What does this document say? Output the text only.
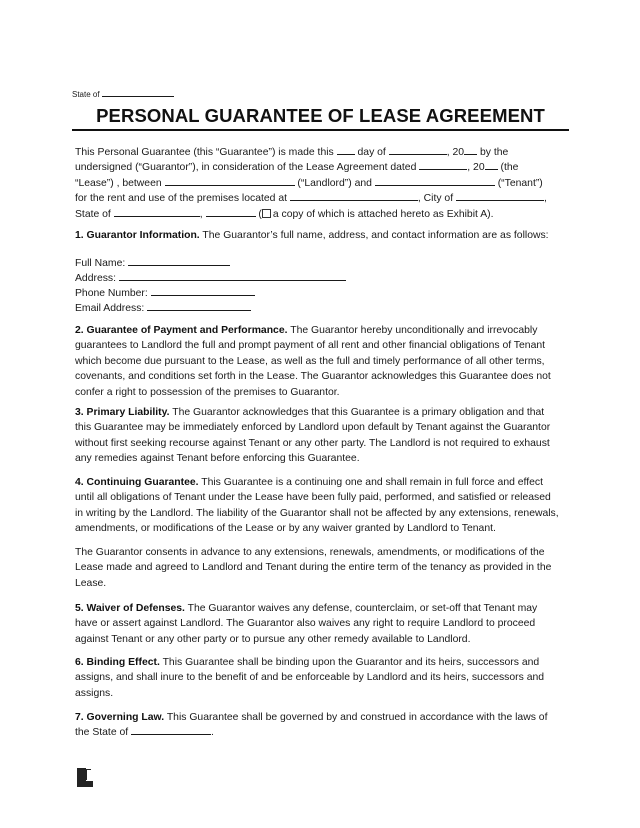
State of
PERSONAL GUARANTEE OF LEASE AGREEMENT
This Personal Guarantee (this “Guarantee”) is made this day of	, 20 by the
undersigned (“Guarantor”), in consideration of the Lease Agreement dated	, 20 (the
“Lease”) , between	(“Landlord”) and	(“Tenant”)
for the rent and use of the premises located at	, City of	,
State of	,	( a copy of which is attached hereto as Exhibit A).
1. Guarantor Information. The Guarantor’s full name, address, and contact information are as follows:
Full Name:
Address:
Phone Number:
Email Address:
2. Guarantee of Payment and Performance. The Guarantor hereby unconditionally and irrevocably
guarantees to Landlord the full and prompt payment of all rent and other financial obligations of Tenant
which become due pursuant to the Lease, as well as the full and timely performance of all other terms,
covenants, and conditions set forth in the Lease. The Guarantor acknowledges this Guarantee does not
confer a right to possession of the premises to Guarantor.
3. Primary Liability. The Guarantor acknowledges that this Guarantee is a primary obligation and that
this Guarantee may be immediately enforced by Landlord upon default by Tenant against the Guarantor
without first seeking recourse against Tenant or any other party. The Landlord is not required to exhaust
any remedies against Tenant before enforcing this Guarantee.
4. Continuing Guarantee. This Guarantee is a continuing one and shall remain in full force and effect
until all obligations of Tenant under the Lease have been fully paid, performed, and satisfied or released
in writing by the Landlord. The liability of the Guarantor shall not be affected by any extensions, renewals,
amendments, or modifications of the Lease or by any waiver granted by Landlord to Tenant.
The Guarantor consents in advance to any extensions, renewals, amendments, or modifications of the
Lease made and agreed to Landlord and Tenant during the entire term of the tenancy as provided in the
Lease.
5. Waiver of Defenses. The Guarantor waives any defense, counterclaim, or set-off that Tenant may
have or assert against Landlord. The Guarantor also waives any right to require Landlord to proceed
against Tenant or any other party or to pursue any other remedy available to Landlord.
6. Binding Effect. This Guarantee shall be binding upon the Guarantor and its heirs, successors and
assigns, and shall inure to the benefit of and be enforceable by Landlord and its heirs, successors and
assigns.
7. Governing Law. This Guarantee shall be governed by and construed in accordance with the laws of
the State of	.
